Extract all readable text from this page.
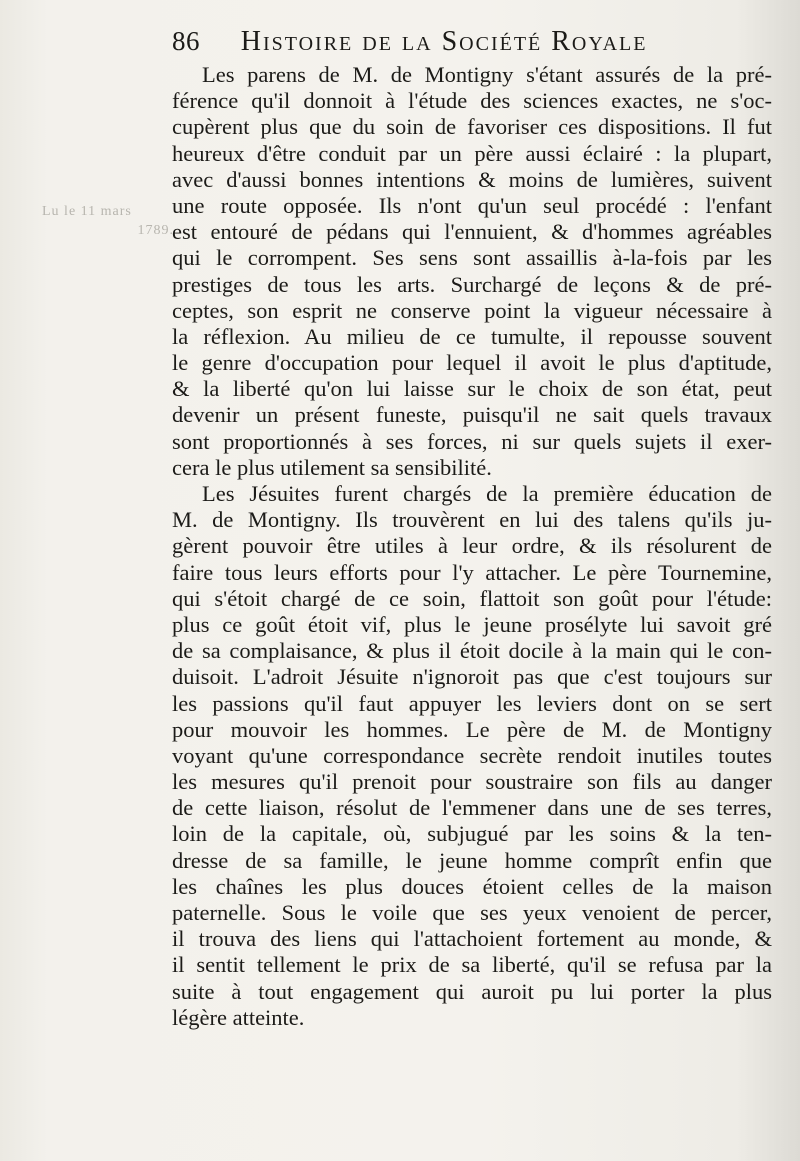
86 Histoire de la Société Royale
Lu le 11 mars
1789.
Les parens de M. de Montigny s'étant assurés de la pré-
férence qu'il donnoit à l'étude des sciences exactes, ne s'oc-
cupèrent plus que du soin de favoriser ces dispositions. Il fut
heureux d'être conduit par un père aussi éclairé : la plupart,
avec d'aussi bonnes intentions & moins de lumières, suivent
une route opposée. Ils n'ont qu'un seul procédé : l'enfant
est entouré de pédans qui l'ennuient, & d'hommes agréables
qui le corrompent. Ses sens sont assaillis à-la-fois par les
prestiges de tous les arts. Surchargé de leçons & de pré-
ceptes, son esprit ne conserve point la vigueur nécessaire à
la réflexion. Au milieu de ce tumulte, il repousse souvent
le genre d'occupation pour lequel il avoit le plus d'aptitude,
& la liberté qu'on lui laisse sur le choix de son état, peut
devenir un présent funeste, puisqu'il ne sait quels travaux
sont proportionnés à ses forces, ni sur quels sujets il exer-
cera le plus utilement sa sensibilité.
Les Jésuites furent chargés de la première éducation de
M. de Montigny. Ils trouvèrent en lui des talens qu'ils ju-
gèrent pouvoir être utiles à leur ordre, & ils résolurent de
faire tous leurs efforts pour l'y attacher. Le père Tournemine,
qui s'étoit chargé de ce soin, flattoit son goût pour l'étude:
plus ce goût étoit vif, plus le jeune prosélyte lui savoit gré
de sa complaisance, & plus il étoit docile à la main qui le con-
duisoit. L'adroit Jésuite n'ignoroit pas que c'est toujours sur
les passions qu'il faut appuyer les leviers dont on se sert
pour mouvoir les hommes. Le père de M. de Montigny
voyant qu'une correspondance secrète rendoit inutiles toutes
les mesures qu'il prenoit pour soustraire son fils au danger
de cette liaison, résolut de l'emmener dans une de ses terres,
loin de la capitale, où, subjugué par les soins & la ten-
dresse de sa famille, le jeune homme comprît enfin que
les chaînes les plus douces étoient celles de la maison
paternelle. Sous le voile que ses yeux venoient de percer,
il trouva des liens qui l'attachoient fortement au monde, &
il sentit tellement le prix de sa liberté, qu'il se refusa par la
suite à tout engagement qui auroit pu lui porter la plus
légère atteinte.
